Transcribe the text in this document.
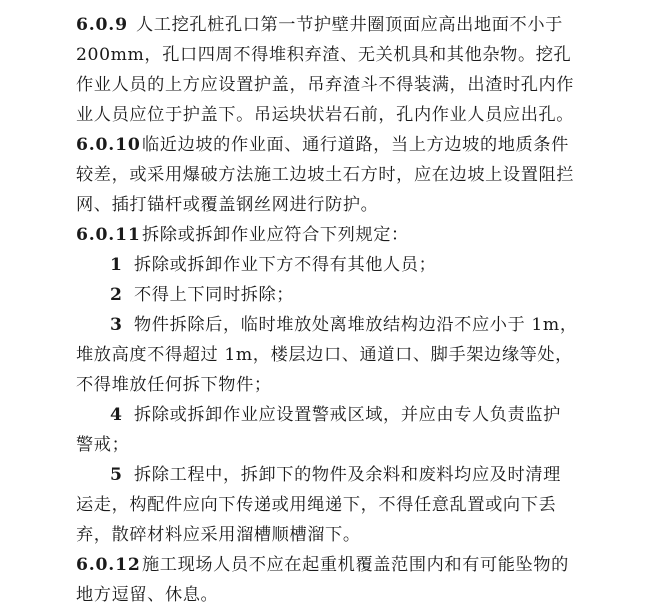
6.0.9 人工挖孔桩孔口第一节护壁井圈顶面应高出地面不小于
200mm，孔口四周不得堆积弃渣、无关机具和其他杂物。挖孔
作业人员的上方应设置护盖，吊弃渣斗不得装满，出渣时孔内作
业人员应位于护盖下。吊运块状岩石前，孔内作业人员应出孔。
6.0.10临近边坡的作业面、通行道路，当上方边坡的地质条件
较差，或采用爆破方法施工边坡土石方时，应在边坡上设置阻拦
网、插打锚杆或覆盖钢丝网进行防护。
6.0.11拆除或拆卸作业应符合下列规定：
1 拆除或拆卸作业下方不得有其他人员；
2 不得上下同时拆除；
3 物件拆除后，临时堆放处离堆放结构边沿不应小于 1m，
堆放高度不得超过 1m，楼层边口、通道口、脚手架边缘等处，
不得堆放任何拆下物件；
4 拆除或拆卸作业应设置警戒区域，并应由专人负责监护
警戒；
5 拆除工程中，拆卸下的物件及余料和废料均应及时清理
运走，构配件应向下传递或用绳递下，不得任意乱置或向下丢
弃，散碎材料应采用溜槽顺槽溜下。
6.0.12施工现场人员不应在起重机覆盖范围内和有可能坠物的
地方逗留、休息。
